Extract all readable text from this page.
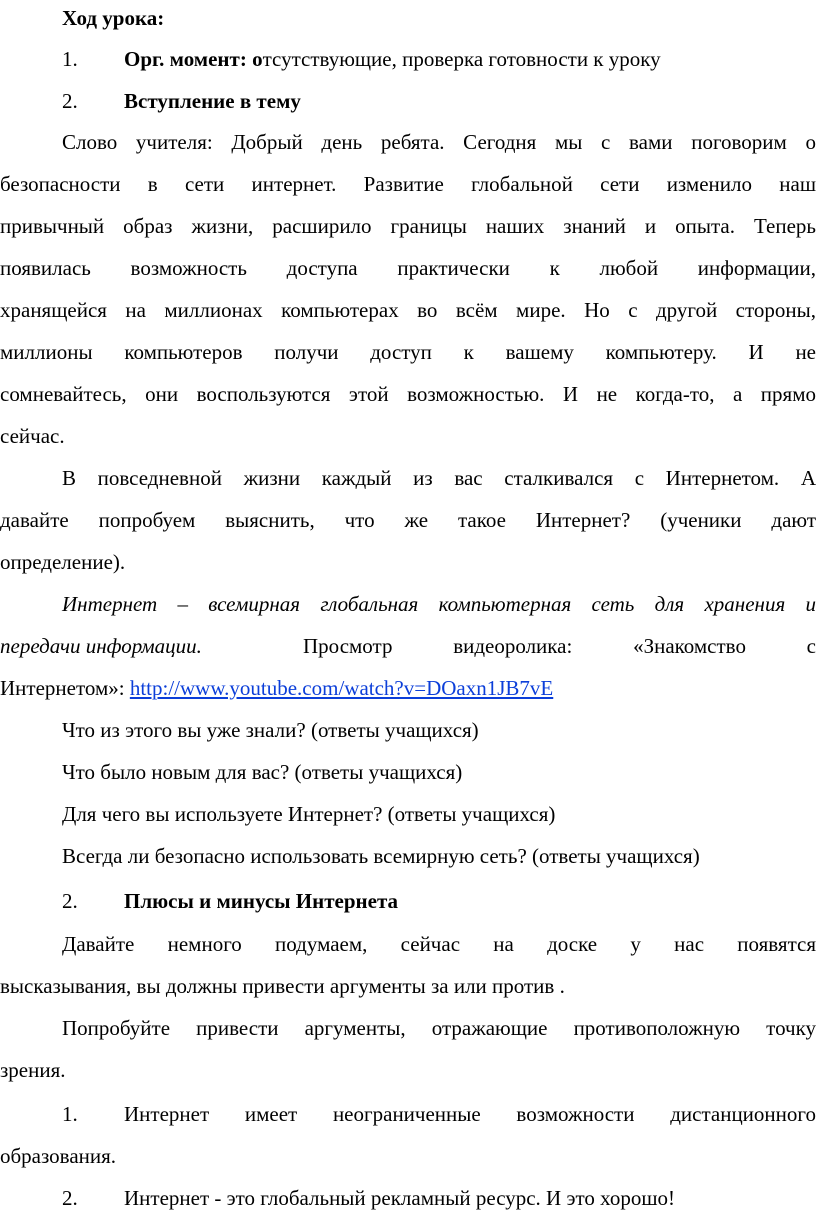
Ход урока:
1. Орг. момент: отсутствующие, проверка готовности к уроку
2. Вступление в тему
Слово учителя: Добрый день ребята. Сегодня мы с вами поговорим о
безопасности в сети интернет. Развитие глобальной сети изменило наш
привычный образ жизни, расширило границы наших знаний и опыта. Теперь
появилась возможность доступа практически к любой информации,
хранящейся на миллионах компьютерах во всём мире. Но с другой стороны,
миллионы компьютеров получи доступ к вашему компьютеру. И не
сомневайтесь, они воспользуются этой возможностью. И не когда-то, а прямо
сейчас.
В повседневной жизни каждый из вас сталкивался с Интернетом. А
давайте попробуем выяснить, что же такое Интернет? (ученики дают
определение).
Интернет – всемирная глобальная компьютерная сеть для хранения и
передачи информации.	Просмотр видеоролика: «Знакомство с
Интернетом»: http://www.youtube.com/watch?v=DOaxn1JB7vE
Что из этого вы уже знали? (ответы учащихся)
Что было новым для вас? (ответы учащихся)
Для чего вы используете Интернет? (ответы учащихся)
Всегда ли безопасно использовать всемирную сеть? (ответы учащихся)
2. Плюсы и минусы Интернета
Давайте немного подумаем, сейчас на доске у нас появятся
высказывания, вы должны привести аргументы за или против .
Попробуйте привести аргументы, отражающие противоположную точку
зрения.
1. Интернет имеет неограниченные возможности дистанционного
образования.
2. Интернет - это глобальный рекламный ресурс. И это хорошо!
